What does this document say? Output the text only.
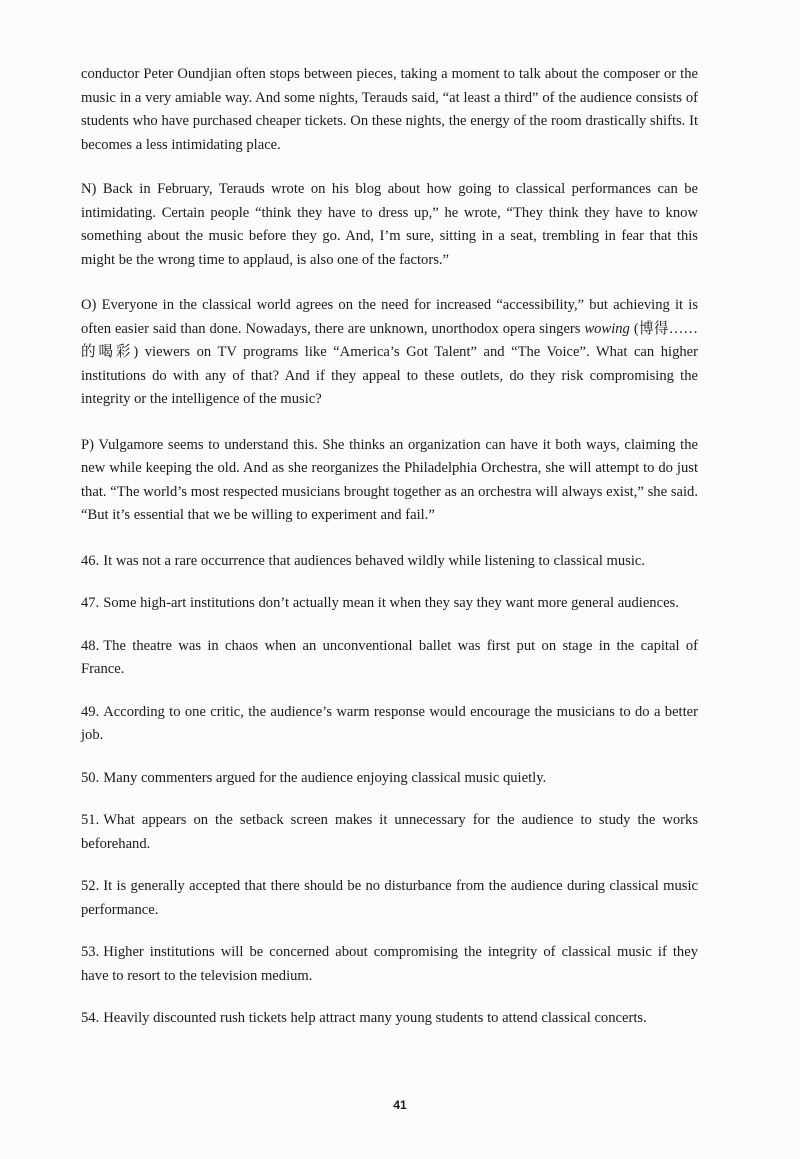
conductor Peter Oundjian often stops between pieces, taking a moment to talk about the composer or the music in a very amiable way. And some nights, Terauds said, “at least a third” of the audience consists of students who have purchased cheaper tickets. On these nights, the energy of the room drastically shifts. It becomes a less intimidating place.

N) Back in February, Terauds wrote on his blog about how going to classical performances can be intimidating. Certain people “think they have to dress up,” he wrote, “They think they have to know something about the music before they go. And, I’m sure, sitting in a seat, trembling in fear that this might be the wrong time to applaud, is also one of the factors.”

O) Everyone in the classical world agrees on the need for increased “accessibility,” but achieving it is often easier said than done. Nowadays, there are unknown, unorthodox opera singers wowing (博得……的喝彩) viewers on TV programs like “America’s Got Talent” and “The Voice”. What can higher institutions do with any of that? And if they appeal to these outlets, do they risk compromising the integrity or the intelligence of the music?

P) Vulgamore seems to understand this. She thinks an organization can have it both ways, claiming the new while keeping the old. And as she reorganizes the Philadelphia Orchestra, she will attempt to do just that. “The world’s most respected musicians brought together as an orchestra will always exist,” she said. “But it’s essential that we be willing to experiment and fail.”

46. It was not a rare occurrence that audiences behaved wildly while listening to classical music.

47. Some high-art institutions don’t actually mean it when they say they want more general audiences.

48. The theatre was in chaos when an unconventional ballet was first put on stage in the capital of France.

49. According to one critic, the audience’s warm response would encourage the musicians to do a better job.

50. Many commenters argued for the audience enjoying classical music quietly.

51. What appears on the setback screen makes it unnecessary for the audience to study the works beforehand.

52. It is generally accepted that there should be no disturbance from the audience during classical music performance.

53. Higher institutions will be concerned about compromising the integrity of classical music if they have to resort to the television medium.

54. Heavily discounted rush tickets help attract many young students to attend classical concerts.

41
